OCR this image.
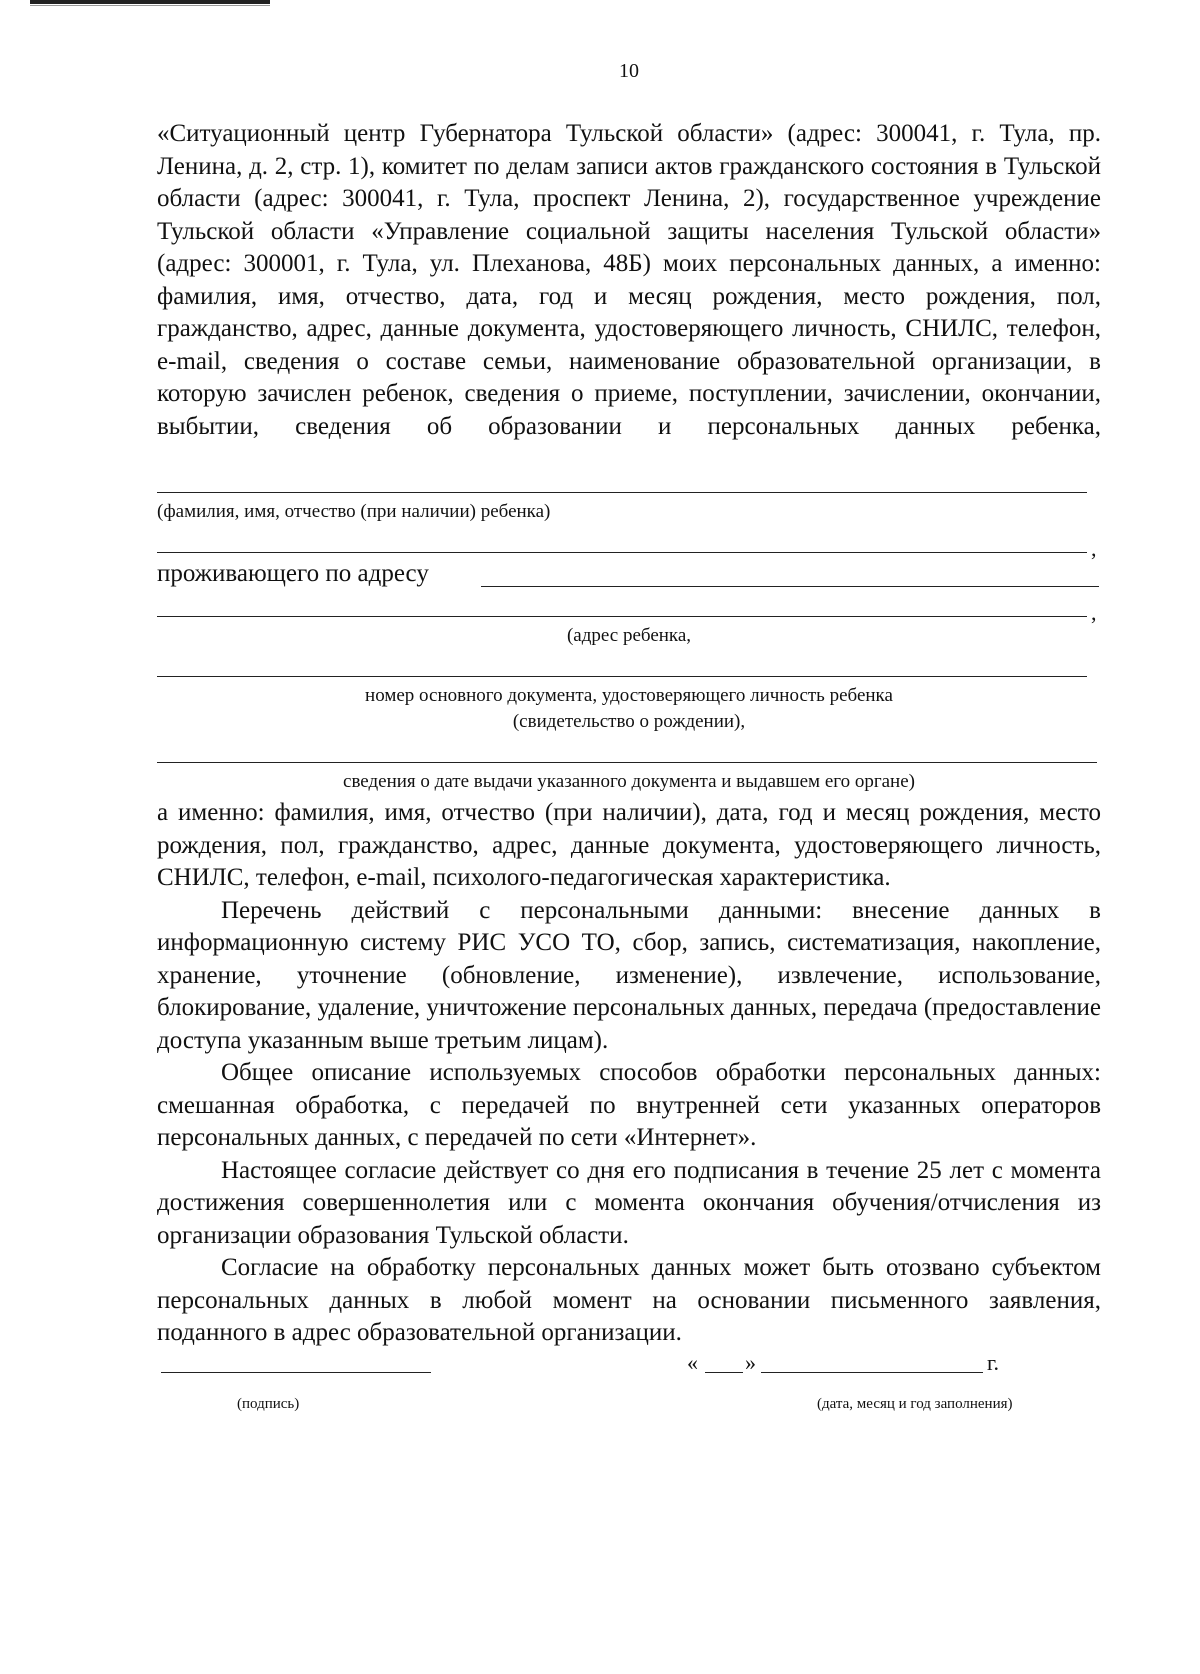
10

«Ситуационный центр Губернатора Тульской области» (адрес: 300041, г. Тула, пр. Ленина, д. 2, стр. 1), комитет по делам записи актов гражданского состояния в Тульской области (адрес: 300041, г. Тула, проспект Ленина, 2), государственное учреждение Тульской области «Управление социальной защиты населения Тульской области» (адрес: 300001, г. Тула, ул. Плеханова, 48Б) моих персональных данных, а именно: фамилия, имя, отчество, дата, год и месяц рождения, место рождения, пол, гражданство, адрес, данные документа, удостоверяющего личность, СНИЛС, телефон, e-mail, сведения о составе семьи, наименование образовательной организации, в которую зачислен ребенок, сведения о приеме, поступлении, зачислении, окончании, выбытии, сведения об образовании и персональных данных ребенка,

(фамилия, имя, отчество (при наличии) ребенка)
,
проживающего по адресу
,
(адрес ребенка,
номер основного документа, удостоверяющего личность ребенка
(свидетельство о рождении),
сведения о дате выдачи указанного документа и выдавшем его органе)

а именно: фамилия, имя, отчество (при наличии), дата, год и месяц рождения, место рождения, пол, гражданство, адрес, данные документа, удостоверяющего личность, СНИЛС, телефон, e-mail, психолого-педагогическая характеристика.

Перечень действий с персональными данными: внесение данных в информационную систему РИС УСО ТО, сбор, запись, систематизация, накопление, хранение, уточнение (обновление, изменение), извлечение, использование, блокирование, удаление, уничтожение персональных данных, передача (предоставление доступа указанным выше третьим лицам).

Общее описание используемых способов обработки персональных данных: смешанная обработка, с передачей по внутренней сети указанных операторов персональных данных, с передачей по сети «Интернет».

Настоящее согласие действует со дня его подписания в течение 25 лет с момента достижения совершеннолетия или с момента окончания обучения/отчисления из организации образования Тульской области.

Согласие на обработку персональных данных может быть отозвано субъектом персональных данных в любой момент на основании письменного заявления, поданного в адрес образовательной организации.

(подпись)
« »	г.
(дата, месяц и год заполнения)
